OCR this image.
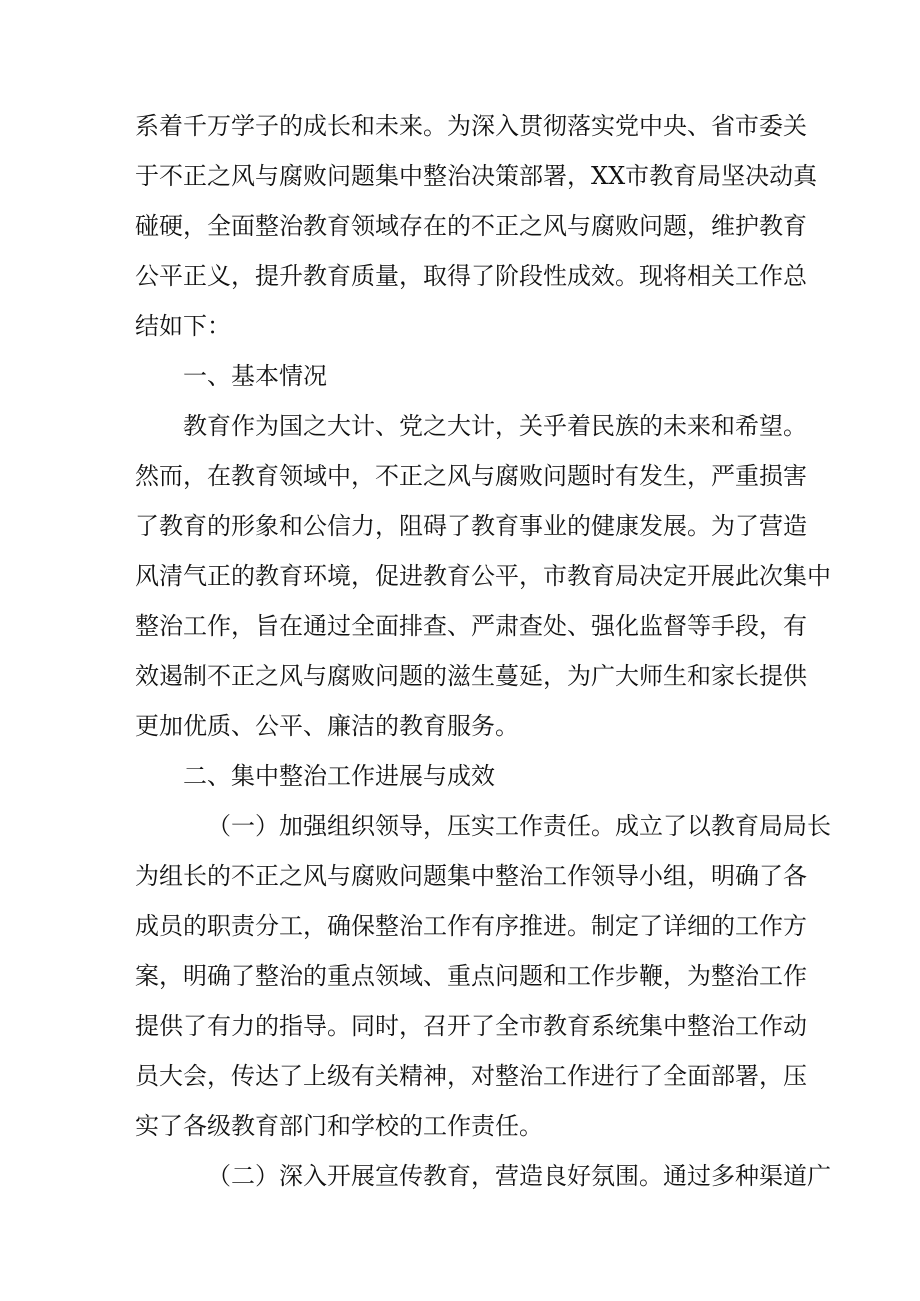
系着千万学子的成长和未来。为深入贯彻落实党中央、省市委关
于不正之风与腐败问题集中整治决策部署，XX市教育局坚决动真
碰硬，全面整治教育领域存在的不正之风与腐败问题，维护教育
公平正义，提升教育质量，取得了阶段性成效。现将相关工作总
结如下：
一、基本情况
教育作为国之大计、党之大计，关乎着民族的未来和希望。
然而，在教育领域中，不正之风与腐败问题时有发生，严重损害
了教育的形象和公信力，阻碍了教育事业的健康发展。为了营造
风清气正的教育环境，促进教育公平，市教育局决定开展此次集中
整治工作，旨在通过全面排查、严肃查处、强化监督等手段，有
效遏制不正之风与腐败问题的滋生蔓延，为广大师生和家长提供
更加优质、公平、廉洁的教育服务。
二、集中整治工作进展与成效
（一）加强组织领导，压实工作责任。成立了以教育局局长
为组长的不正之风与腐败问题集中整治工作领导小组，明确了各
成员的职责分工，确保整治工作有序推进。制定了详细的工作方
案，明确了整治的重点领域、重点问题和工作步鞭，为整治工作
提供了有力的指导。同时，召开了全市教育系统集中整治工作动
员大会，传达了上级有关精神，对整治工作进行了全面部署，压
实了各级教育部门和学校的工作责任。
（二）深入开展宣传教育，营造良好氛围。通过多种渠道广
